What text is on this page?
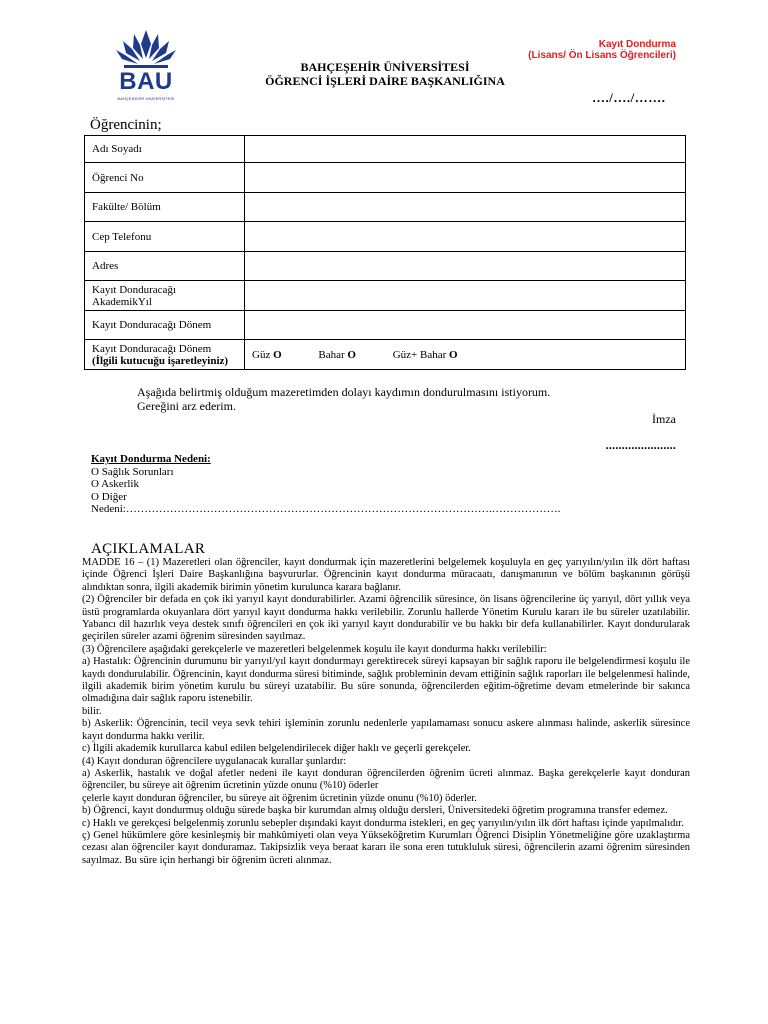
BAU
BAHÇEŞEHİR ÜNİVERSİTESİ
BAHÇEŞEHİR ÜNİVERSİTESİ
ÖĞRENCİ İŞLERİ DAİRE BAŞKANLIĞINA
Kayıt Dondurma
(Lisans/ Ön Lisans Öğrencileri)
…./…./…….
Öğrencinin;
Adı Soyadı	
Öğrenci No	
Fakülte/ Bölüm	
Cep Telefonu	
Adres	
Kayıt Donduracağı AkademikYıl	
Kayıt Donduracağı Dönem	

Kayıt Donduracağı Dönem
(İlgili kutucuğu işaretleyiniz)	Güz O Bahar O Güz+ Bahar O
Aşağıda belirtmiş olduğum mazeretimden dolayı kaydımın dondurulmasını istiyorum.
Gereğini arz ederim.
İmza
......................
Kayıt Dondurma Nedeni:
O Sağlık Sorunları
O Askerlik
O Diğer
Nedeni:……………………………………………………………………………………….……………….
AÇIKLAMALAR

MADDE 16 – (1) Mazeretleri olan öğrenciler, kayıt dondurmak için mazeretlerini belgelemek koşuluyla en geç yarıyılın/yılın ilk dört haftası içinde Öğrenci İşleri Daire Başkanlığına başvururlar. Öğrencinin kayıt dondurma müracaatı, danışmanının ve bölüm başkanının görüşü alındıktan sonra, ilgili akademik birimin yönetim kurulunca karara bağlanır.

(2) Öğrenciler bir defada en çok iki yarıyıl kayıt dondurabilirler. Azami öğrencilik süresince, ön lisans öğrencilerine üç yarıyıl, dört yıllık veya üstü programlarda okuyanlara dört yarıyıl kayıt dondurma hakkı verilebilir. Zorunlu hallerde Yönetim Kurulu kararı ile bu süreler uzatılabilir. Yabancı dil hazırlık veya destek sınıfı öğrencileri en çok iki yarıyıl kayıt dondurabilir ve bu hakkı bir defa kullanabilirler. Kayıt dondurularak geçirilen süreler azami öğrenim süresinden sayılmaz.

(3) Öğrencilere aşağıdaki gerekçelerle ve mazeretleri belgelenmek koşulu ile kayıt dondurma hakkı verilebilir:

a) Hastalık: Öğrencinin durumunu bir yarıyıl/yıl kayıt dondurmayı gerektirecek süreyi kapsayan bir sağlık raporu ile belgelendirmesi koşulu ile kaydı dondurulabilir. Öğrencinin, kayıt dondurma süresi bitiminde, sağlık probleminin devam ettiğinin sağlık raporları ile belgelenmesi halinde, ilgili akademik birim yönetim kurulu bu süreyi uzatabilir. Bu süre sonunda, öğrencilerden eğitim-öğretime devam etmelerinde bir sakınca olmadığına dair sağlık raporu istenebilir.

bilir.

b) Askerlik: Öğrencinin, tecil veya sevk tehiri işleminin zorunlu nedenlerle yapılamaması sonucu askere alınması halinde, askerlik süresince kayıt dondurma hakkı verilir.

c) İlgili akademik kurullarca kabul edilen belgelendirilecek diğer haklı ve geçerli gerekçeler.

(4) Kayıt donduran öğrencilere uygulanacak kurallar şunlardır:

a) Askerlik, hastalık ve doğal afetler nedeni ile kayıt donduran öğrencilerden öğrenim ücreti alınmaz. Başka gerekçelerle kayıt donduran öğrenciler, bu süreye ait öğrenim ücretinin yüzde onunu (%10) öderler

çelerle kayıt donduran öğrenciler, bu süreye ait öğrenim ücretinin yüzde onunu (%10) öderler.

b) Öğrenci, kayıt dondurmuş olduğu sürede başka bir kurumdan almış olduğu dersleri, Üniversitedeki öğretim programına transfer edemez.

c) Haklı ve gerekçesi belgelenmiş zorunlu sebepler dışındaki kayıt dondurma istekleri, en geç yarıyılın/yılın ilk dört haftası içinde yapılmalıdır.

ç) Genel hükümlere göre kesinleşmiş bir mahkûmiyeti olan veya Yükseköğretim Kurumları Öğrenci Disiplin Yönetmeliğine göre uzaklaştırma cezası alan öğrenciler kayıt donduramaz. Takipsizlik veya beraat kararı ile sona eren tutukluluk süresi, öğrencilerin azami öğrenim süresinden sayılmaz. Bu süre için herhangi bir öğrenim ücreti alınmaz.
